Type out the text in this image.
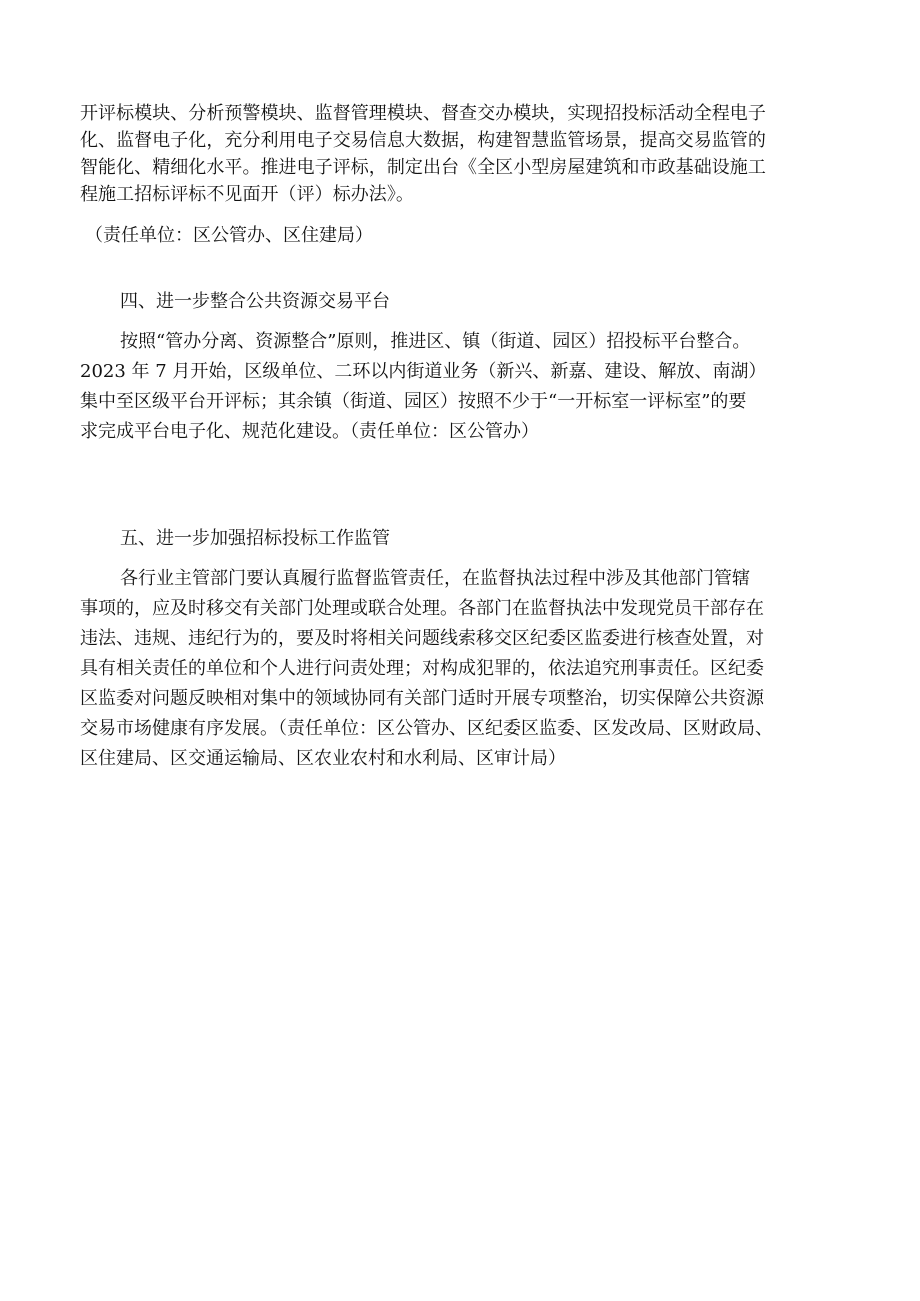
开评标模块、分析预警模块、监督管理模块、督查交办模块，实现招投标活动全程电子
化、监督电子化，充分利用电子交易信息大数据，构建智慧监管场景，提高交易监管的
智能化、精细化水平。推进电子评标，制定出台《全区小型房屋建筑和市政基础设施工
程施工招标评标不见面开（评）标办法》。
（责任单位：区公管办、区住建局）
四、进一步整合公共资源交易平台
按照“管办分离、资源整合”原则，推进区、镇（街道、园区）招投标平台整合。
2023 年 7 月开始，区级单位、二环以内街道业务（新兴、新嘉、建设、解放、南湖）
集中至区级平台开评标；其余镇（街道、园区）按照不少于“一开标室一评标室”的要
求完成平台电子化、规范化建设。（责任单位：区公管办）
五、进一步加强招标投标工作监管
各行业主管部门要认真履行监督监管责任，在监督执法过程中涉及其他部门管辖
事项的，应及时移交有关部门处理或联合处理。各部门在监督执法中发现党员干部存在
违法、违规、违纪行为的，要及时将相关问题线索移交区纪委区监委进行核查处置，对
具有相关责任的单位和个人进行问责处理；对构成犯罪的，依法追究刑事责任。区纪委
区监委对问题反映相对集中的领域协同有关部门适时开展专项整治，切实保障公共资源
交易市场健康有序发展。（责任单位：区公管办、区纪委区监委、区发改局、区财政局、
区住建局、区交通运输局、区农业农村和水利局、区审计局）
